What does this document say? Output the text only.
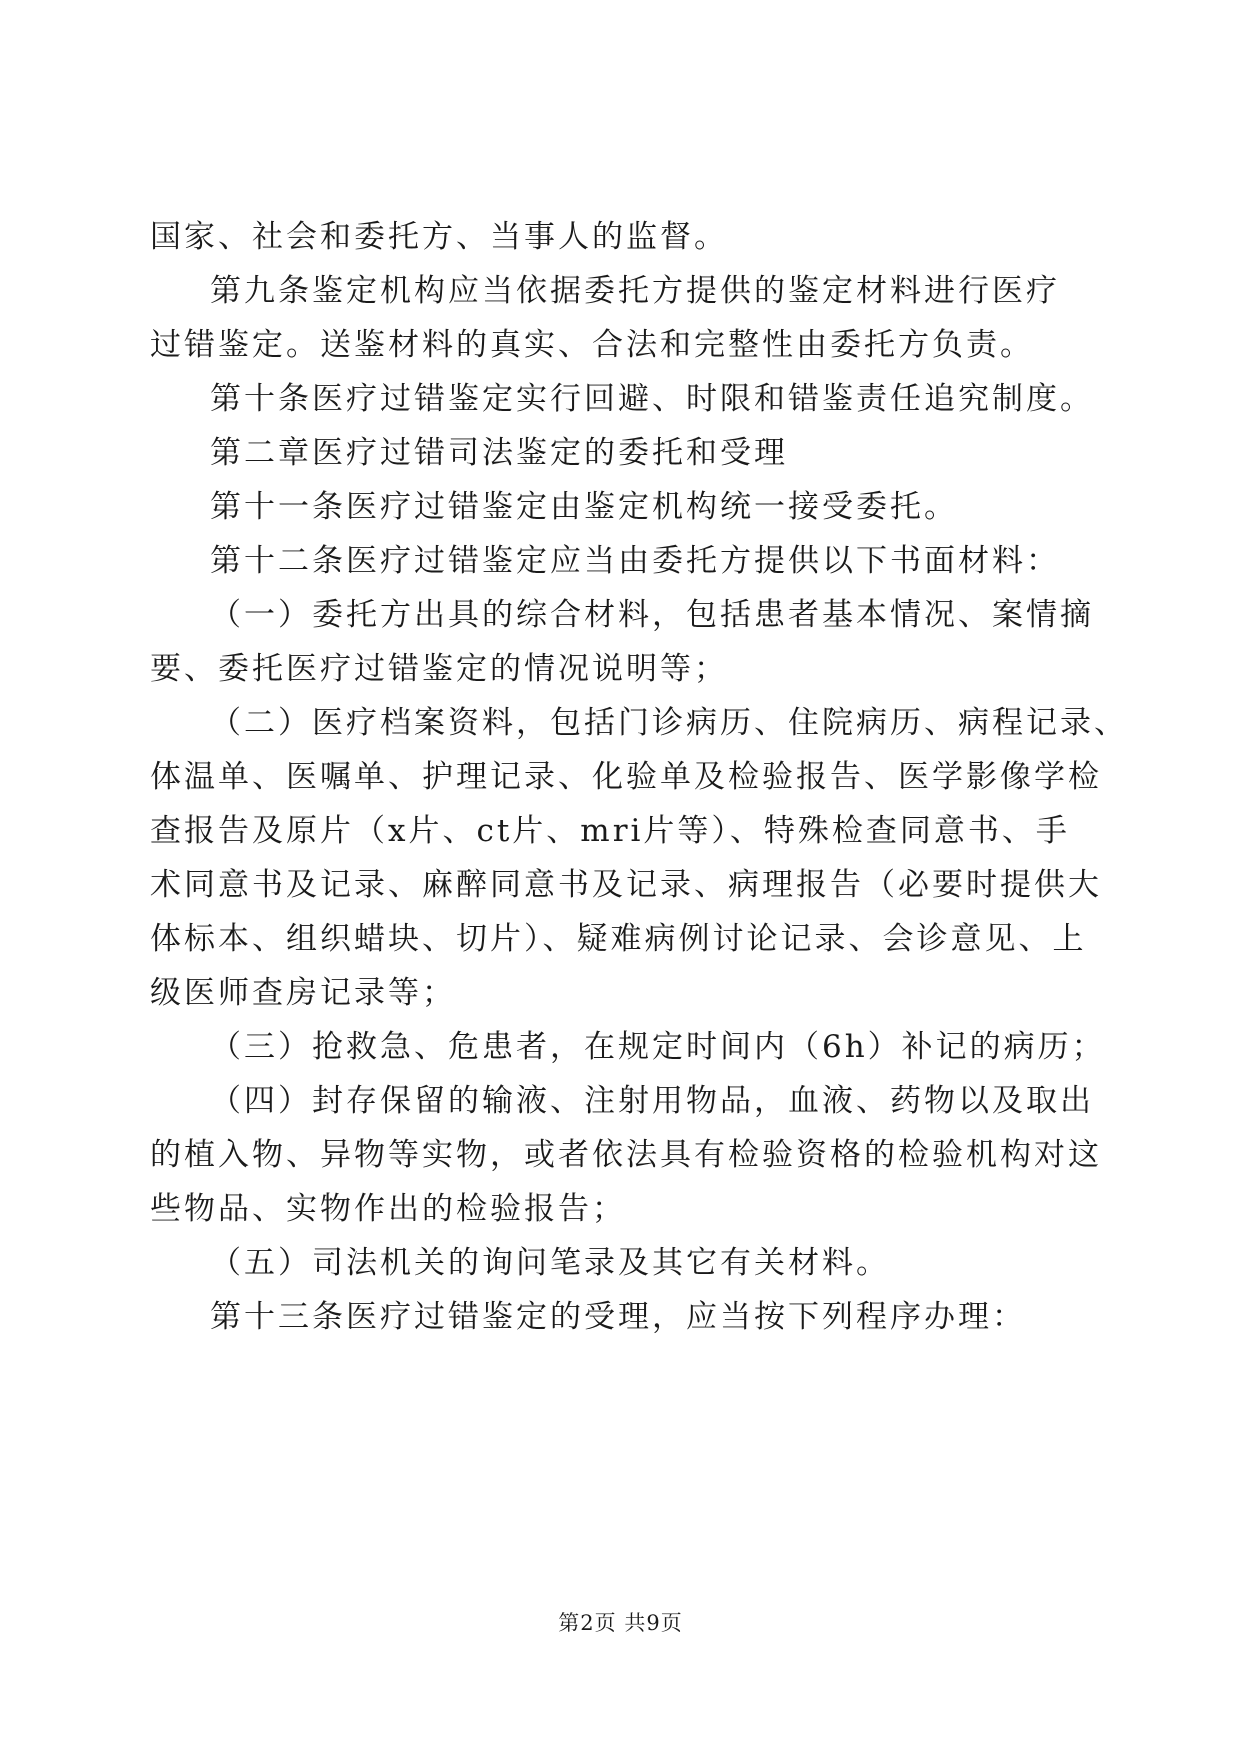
国家、社会和委托方、当事人的监督。
第九条鉴定机构应当依据委托方提供的鉴定材料进行医疗
过错鉴定。送鉴材料的真实、合法和完整性由委托方负责。
第十条医疗过错鉴定实行回避、时限和错鉴责任追究制度。
第二章医疗过错司法鉴定的委托和受理
第十一条医疗过错鉴定由鉴定机构统一接受委托。
第十二条医疗过错鉴定应当由委托方提供以下书面材料：
（一）委托方出具的综合材料，包括患者基本情况、案情摘
要、委托医疗过错鉴定的情况说明等；
（二）医疗档案资料，包括门诊病历、住院病历、病程记录、
体温单、医嘱单、护理记录、化验单及检验报告、医学影像学检
查报告及原片（x片、ct片、mri片等）、特殊检查同意书、手
术同意书及记录、麻醉同意书及记录、病理报告（必要时提供大
体标本、组织蜡块、切片）、疑难病例讨论记录、会诊意见、上
级医师查房记录等；
（三）抢救急、危患者，在规定时间内（6h）补记的病历；
（四）封存保留的输液、注射用物品，血液、药物以及取出
的植入物、异物等实物，或者依法具有检验资格的检验机构对这
些物品、实物作出的检验报告；
（五）司法机关的询问笔录及其它有关材料。
第十三条医疗过错鉴定的受理，应当按下列程序办理：
第2页 共9页
